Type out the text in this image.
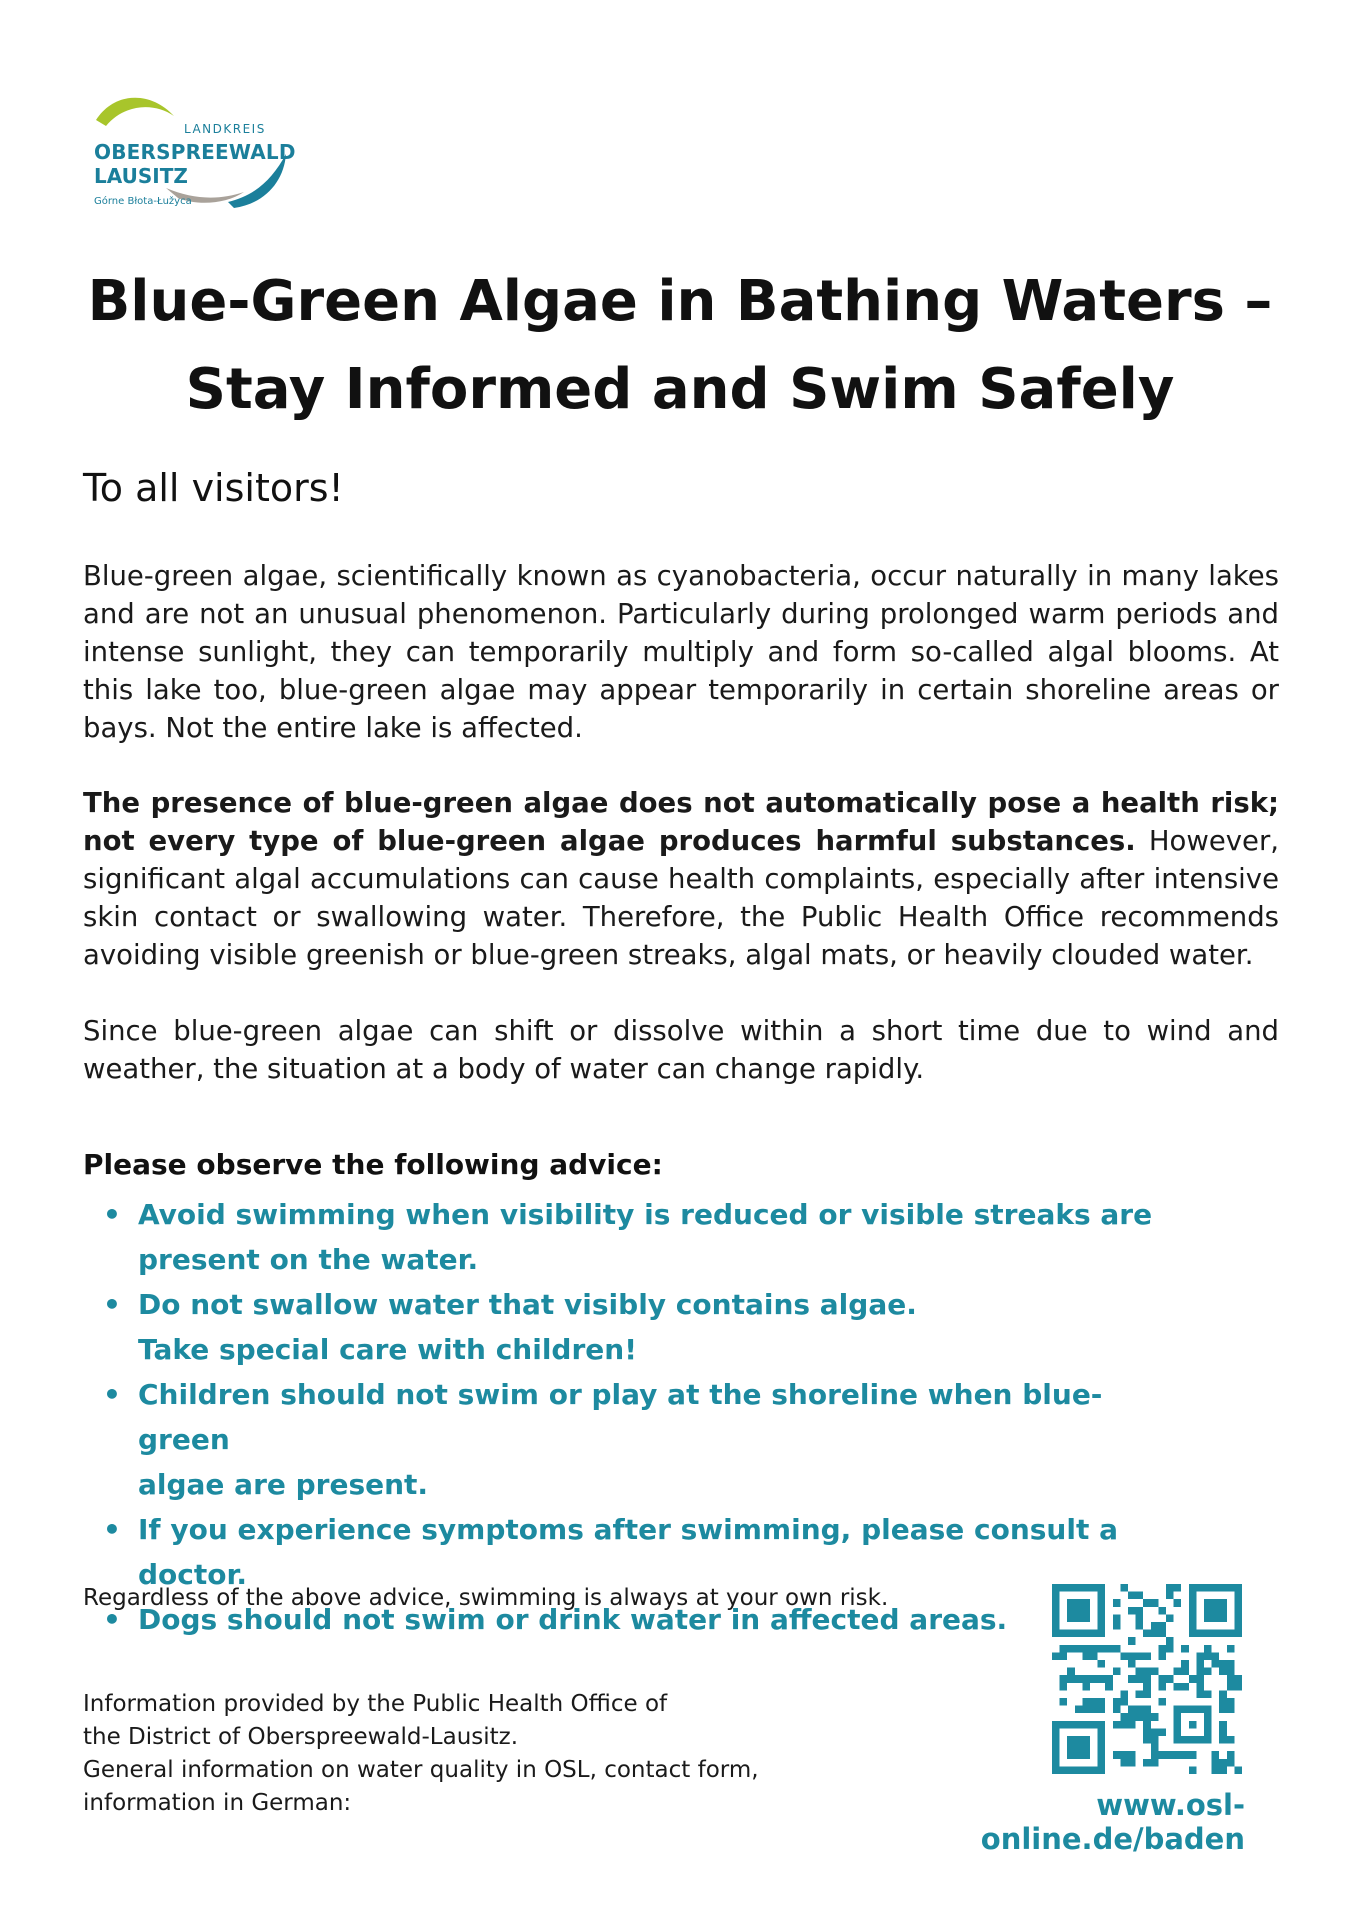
LANDKREIS
OBERSPREEWALD
LAUSITZ
Górne Błota-Łužyca
Blue-Green Algae in Bathing Waters –
Stay Informed and Swim Safely

To all visitors!

Blue-green algae, scientifically known as cyanobacteria, occur naturally in many lakes and are not an unusual phenomenon. Particularly during prolonged warm periods and intense sunlight, they can temporarily multiply and form so-called algal blooms. At this lake too, blue-green algae may appear temporarily in certain shoreline areas or bays. Not the entire lake is affected.

The presence of blue-green algae does not automatically pose a health risk; not every type of blue-green algae produces harmful substances. However, significant algal accumulations can cause health complaints, especially after intensive skin contact or swallowing water. Therefore, the Public Health Office recommends avoiding visible greenish or blue-green streaks, algal mats, or heavily clouded water.

Since blue-green algae can shift or dissolve within a short time due to wind and weather, the situation at a body of water can change rapidly.

Please observe the following advice:

• Avoid swimming when visibility is reduced or visible streaks are
present on the water.
• Do not swallow water that visibly contains algae.
Take special care with children!
• Children should not swim or play at the shoreline when blue-green
algae are present.
• If you experience symptoms after swimming, please consult a doctor.
• Dogs should not swim or drink water in affected areas.

Regardless of the above advice, swimming is always at your own risk.

Information provided by the Public Health Office of
the District of Oberspreewald-Lausitz.
General information on water quality in OSL, contact form,
information in German:	www.osl-online.de/baden
